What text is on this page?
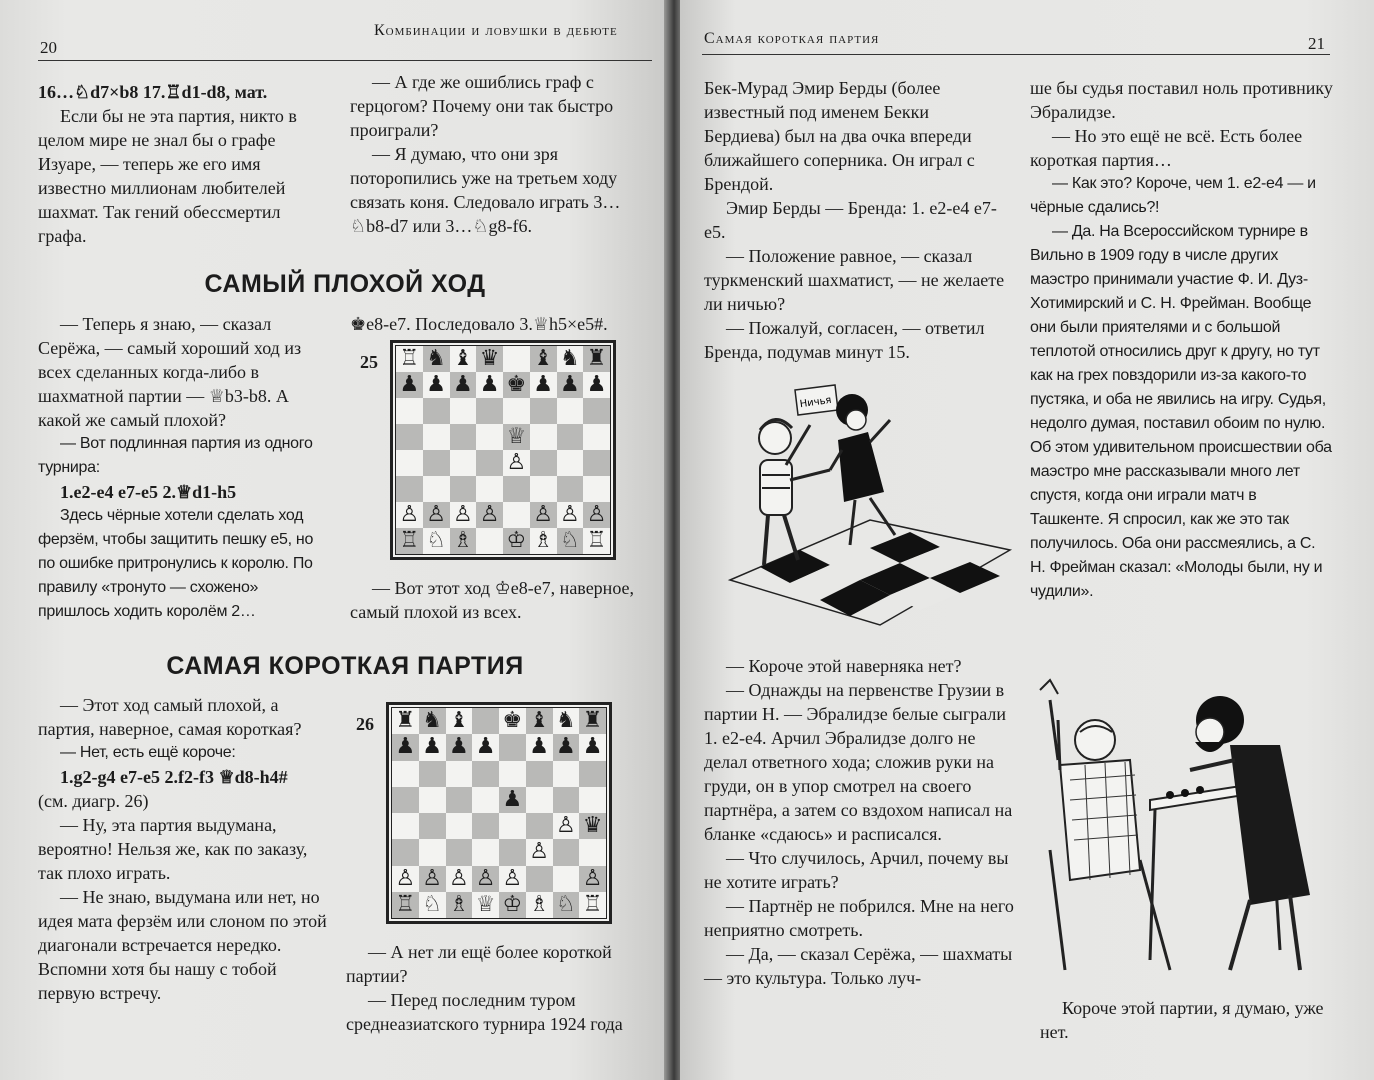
20
Комбинации и ловушки в дебюте

16…♘d7×b8 17.♖d1-d8, мат.

Если бы не эта партия, никто в целом мире не знал бы о графе Изуаре, — теперь же его имя известно миллионам любителей шахмат. Так гений обессмертил графа.

— А где же ошиблись граф с герцогом? Почему они так быстро проиграли?

— Я думаю, что они зря поторопились уже на третьем ходу связать коня. Следовало играть 3…♘b8-d7 или 3…♘g8-f6.

САМЫЙ ПЛОХОЙ ХОД

— Теперь я знаю, — сказал Серёжа, — самый хороший ход из всех сделанных когда-либо в шахматной партии — ♕b3-b8. А какой же самый плохой?

— Вот подлинная партия из одного турнира:

1.e2-e4 e7-e5 2.♕d1-h5

Здесь чёрные хотели сделать ход ферзём, чтобы защитить пешку e5, но по ошибке притронулись к королю. По правилу «тронуто — схожено» пришлось ходить королём 2…

♚e8-e7. Последовало 3.♕h5×e5#.

25 ♖ ♞ ♝ ♛ ♝ ♞ ♜
♟ ♟ ♟ ♟ ♚ ♟ ♟ ♟
♕
♙
♙ ♙ ♙ ♙ ♙ ♙ ♙
♖ ♘ ♗ ♔ ♗ ♘ ♖

— Вот этот ход ♔e8-e7, наверное, самый плохой из всех.

САМАЯ КОРОТКАЯ ПАРТИЯ

— Этот ход самый плохой, а партия, наверное, самая короткая?

— Нет, есть ещё короче:

1.g2-g4 e7-e5 2.f2-f3 ♕d8-h4#

(см. диагр. 26)

— Ну, эта партия выдумана, вероятно! Нельзя же, как по заказу, так плохо играть.

— Не знаю, выдумана или нет, но идея мата ферзём или слоном по этой диагонали встречается нередко. Вспомни хотя бы нашу с тобой первую встречу.

26 ♜ ♞ ♝ ♚ ♝ ♞ ♜
♟ ♟ ♟ ♟ ♟ ♟ ♟
♟
♙ ♛
♙
♙ ♙ ♙ ♙ ♙	♙
♖ ♘ ♗ ♕ ♔ ♗ ♘ ♖

— А нет ли ещё более короткой партии?

— Перед последним туром среднеазиатского турнира 1924 года

Самая короткая партия	21

Бек-Мурад Эмир Берды (более известный под именем Бекки Бердиева) был на два очка впереди ближайшего соперника. Он играл с Брендой.

Эмир Берды — Бренда: 1. e2-e4 e7-e5.

— Положение равное, — сказал туркменский шахматист, — не желаете ли ничью?

— Пожалуй, согласен, — ответил Бренда, подумав минут 15.

Ничья

— Короче этой наверняка нет?

— Однажды на первенстве Грузии в партии Н. — Эбралидзе белые сыграли 1. e2-e4. Арчил Эбралидзе долго не делал ответного хода; сложив руки на груди, он в упор смотрел на своего партнёра, а затем со вздохом написал на бланке «сдаюсь» и расписался.

— Что случилось, Арчил, почему вы не хотите играть?

— Партнёр не побрился. Мне на него неприятно смотреть.

— Да, — сказал Серёжа, — шахматы — это культура. Только луч-

ше бы судья поставил ноль противнику Эбралидзе.

— Но это ещё не всё. Есть более короткая партия…

— Как это? Короче, чем 1. e2-e4 — и чёрные сдались?!

— Да. На Всероссийском турнире в Вильно в 1909 году в числе других маэстро принимали участие Ф. И. Дуз-Хотимирский и С. Н. Фрейман. Вообще они были приятелями и с большой теплотой относились друг к другу, но тут как на грех повздорили из-за какого-то пустяка, и оба не явились на игру. Судья, недолго думая, поставил обоим по нулю. Об этом удивительном происшествии оба маэстро мне рассказывали много лет спустя, когда они играли матч в Ташкенте. Я спросил, как же это так получилось. Оба они рассмеялись, а С. Н. Фрейман сказал: «Молоды были, ну и чудили».

Короче этой партии, я думаю, уже нет.
